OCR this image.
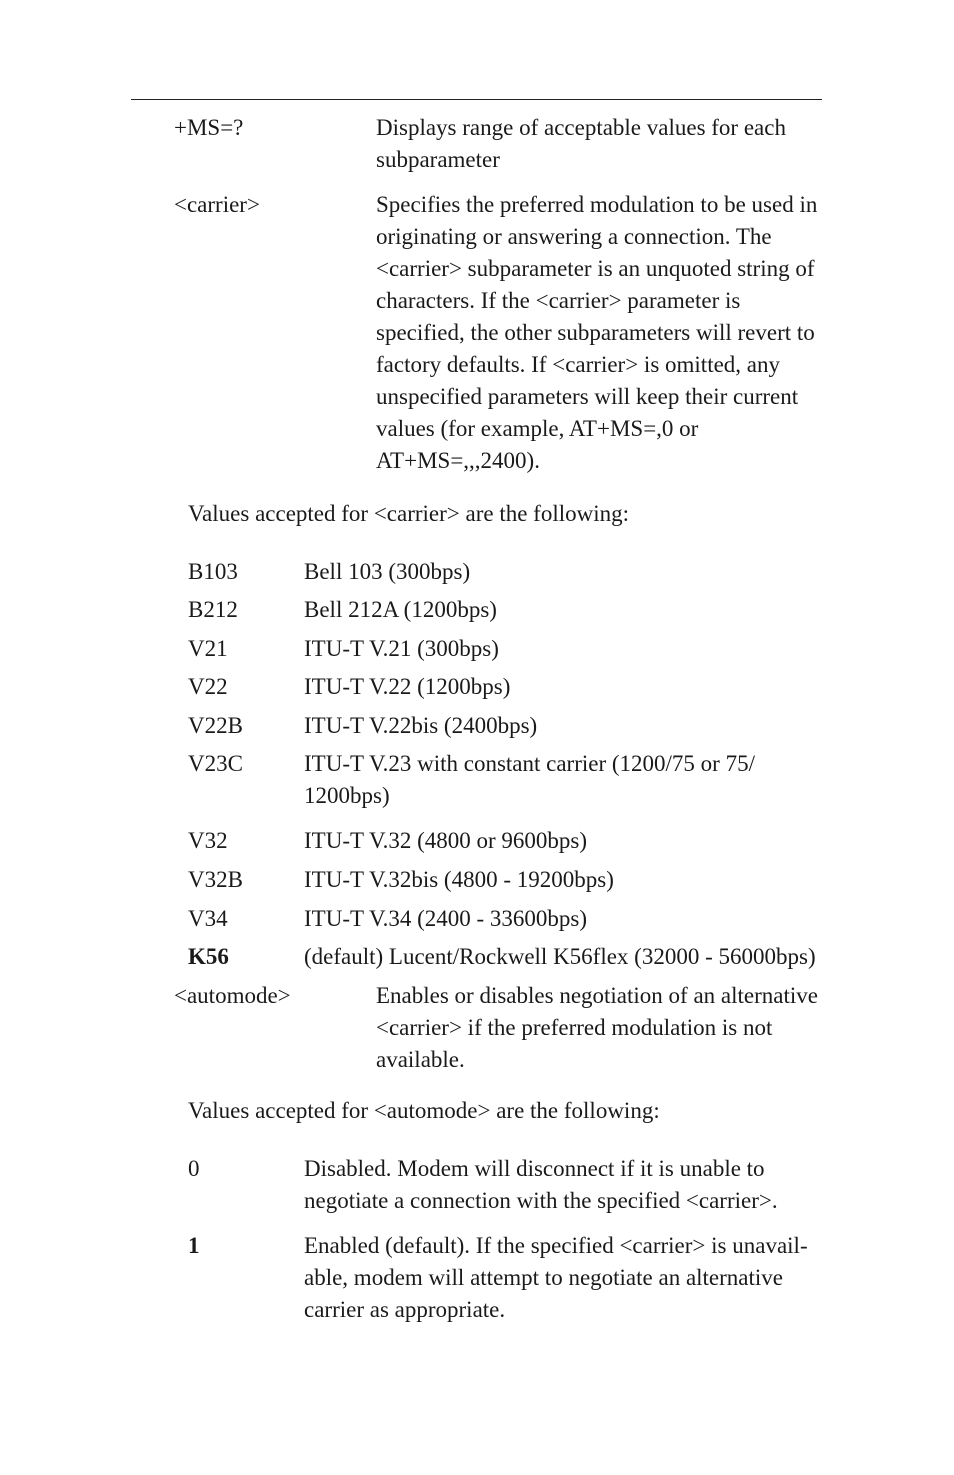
+MS=?	Displays range of acceptable values for each subparameter
<carrier>	Specifies the preferred modulation to be used in originating or answering a connection. The <carrier> subparameter is an unquoted string of characters. If the <carrier> parameter is specified, the other subparameters will revert to factory defaults. If <carrier> is omitted, any unspecified parameters will keep their current values (for example, AT+MS=,0 or AT+MS=,,,2400).
Values accepted for <carrier> are the following:
B103	Bell 103 (300bps)
B212	Bell 212A (1200bps)
V21	ITU-T V.21 (300bps)
V22	ITU-T V.22 (1200bps)
V22B	ITU-T V.22bis (2400bps)
V23C	ITU-T V.23 with constant carrier (1200/75 or 75/ 1200bps)
V32	ITU-T V.32 (4800 or 9600bps)
V32B	ITU-T V.32bis (4800 - 19200bps)
V34	ITU-T V.34 (2400 - 33600bps)
K56	(default) Lucent/Rockwell K56flex (32000 - 56000bps)
<automode>	Enables or disables negotiation of an alternative <carrier> if the preferred modulation is not available.
Values accepted for <automode> are the following:
0	Disabled. Modem will disconnect if it is unable to negotiate a connection with the specified <carrier>.
1	Enabled (default). If the specified <carrier> is unavail-able, modem will attempt to negotiate an alternative carrier as appropriate.
